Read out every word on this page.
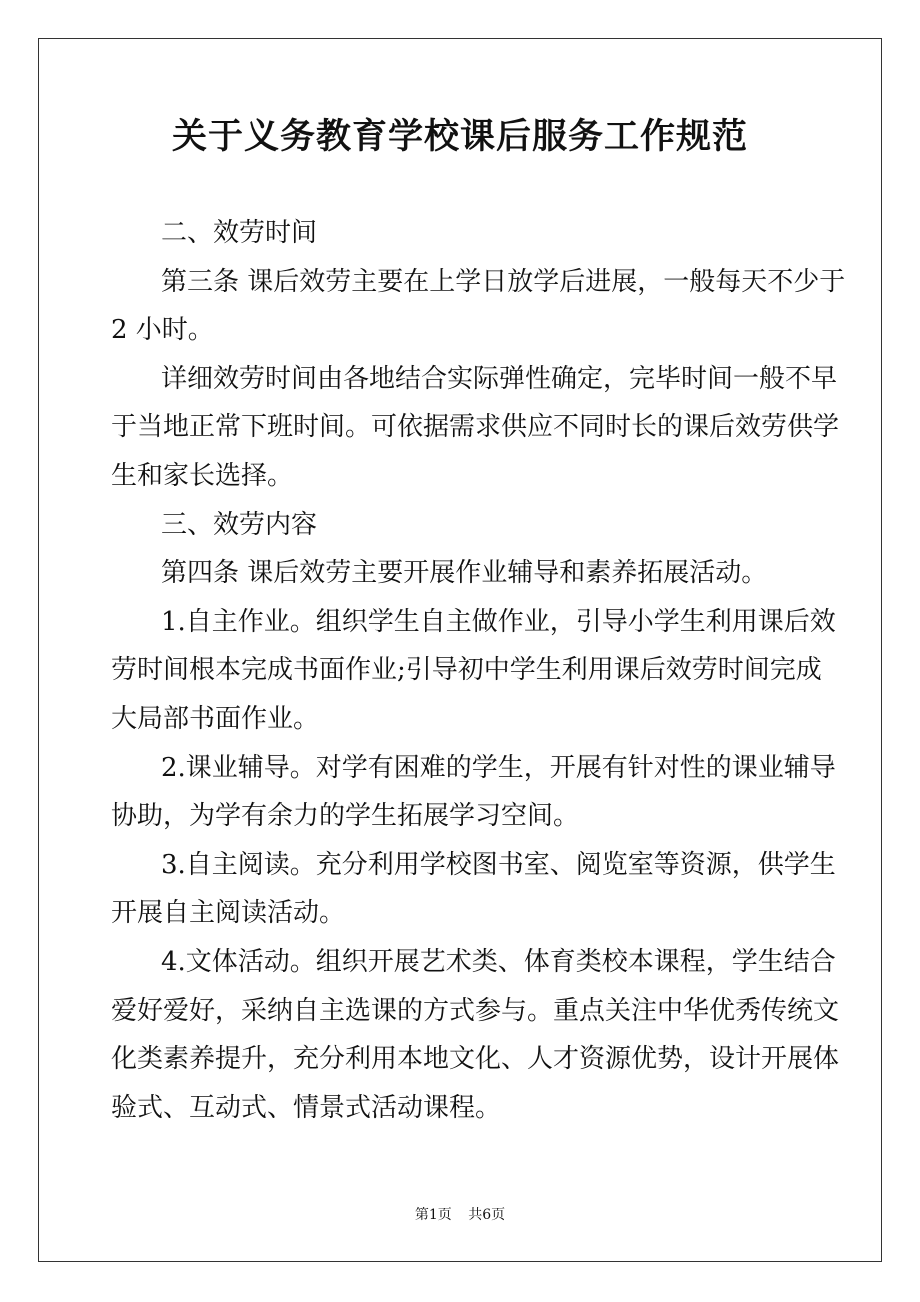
关于义务教育学校课后服务工作规范
二、效劳时间
第三条 课后效劳主要在上学日放学后进展，一般每天不少于
2 小时。
详细效劳时间由各地结合实际弹性确定，完毕时间一般不早
于当地正常下班时间。可依据需求供应不同时长的课后效劳供学
生和家长选择。
三、效劳内容
第四条 课后效劳主要开展作业辅导和素养拓展活动。
1.自主作业。组织学生自主做作业，引导小学生利用课后效
劳时间根本完成书面作业;引导初中学生利用课后效劳时间完成
大局部书面作业。
2.课业辅导。对学有困难的学生，开展有针对性的课业辅导
协助，为学有余力的学生拓展学习空间。
3.自主阅读。充分利用学校图书室、阅览室等资源，供学生
开展自主阅读活动。
4.文体活动。组织开展艺术类、体育类校本课程，学生结合
爱好爱好，采纳自主选课的方式参与。重点关注中华优秀传统文
化类素养提升，充分利用本地文化、人才资源优势，设计开展体
验式、互动式、情景式活动课程。
第1页 共6页
